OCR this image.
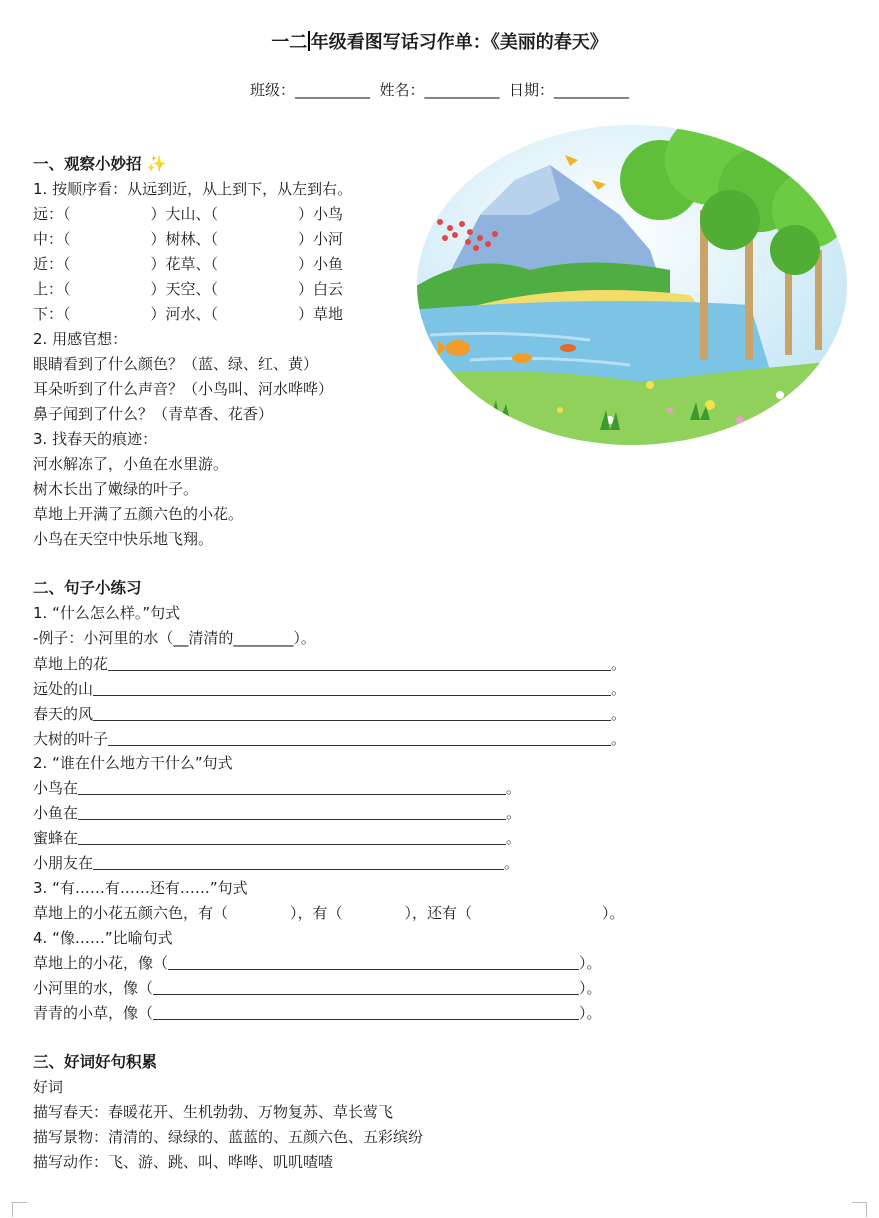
一二 年级看图写话习作单：《美丽的春天》
班级：__________  姓名：__________  日期：__________
一、观察小妙招 ✨
1. 按顺序看：从远到近，从上到下，从左到右。
远：（	）大山、（	）小鸟
中：（	）树林、（	）小河
近：（	）花草、（	）小鱼
上：（	）天空、（	）白云
下：（	）河水、（	）草地
2. 用感官想：
眼睛看到了什么颜色？（蓝、绿、红、黄）
耳朵听到了什么声音？（小鸟叫、河水哗哗）
鼻子闻到了什么？（青草香、花香）
3. 找春天的痕迹：
河水解冻了，小鱼在水里游。
树木长出了嫩绿的叶子。
草地上开满了五颜六色的小花。
小鸟在天空中快乐地飞翔。
二、句子小练习
1. “什么怎么样。”句式
-例子：小河里的水（__清清的________）。
草地上的花	。
远处的山	。
春天的风	。
大树的叶子	。
2. “谁在什么地方干什么”句式
小鸟在	。
小鱼在	。
蜜蜂在	。
小朋友在	。
3. “有……有……还有……”句式
草地上的小花五颜六色，有（	），有（	），还有（	）。
4. “像……”比喻句式
草地上的小花，像（	）。
小河里的水，像（	）。
青青的小草，像（	）。
三、好词好句积累
好词
描写春天：春暖花开、生机勃勃、万物复苏、草长莺飞
描写景物：清清的、绿绿的、蓝蓝的、五颜六色、五彩缤纷
描写动作：飞、游、跳、叫、哗哗、叽叽喳喳
